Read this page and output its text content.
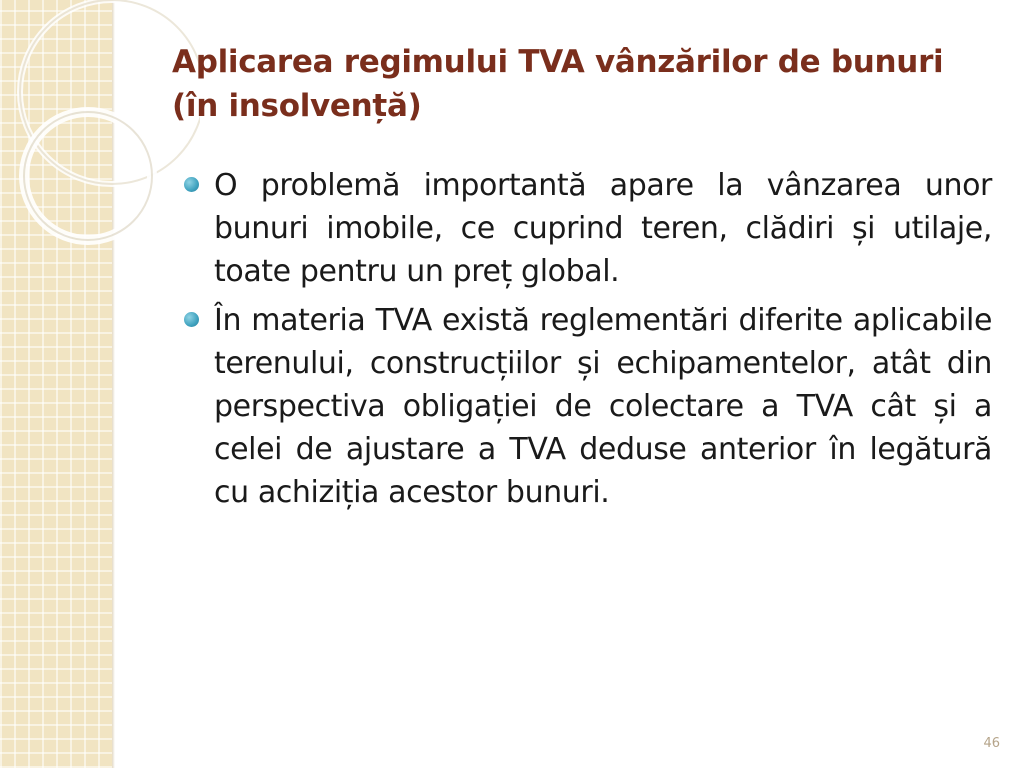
Aplicarea regimului TVA vânzărilor de bunuri (în insolvență)
O problemă importantă apare la vânzarea unor bunuri imobile, ce cuprind teren, clădiri și utilaje, toate pentru un preț global.
În materia TVA există reglementări diferite aplicabile terenului, construcțiilor și echipamentelor, atât din perspectiva obligației de colectare a TVA cât și a celei de ajustare a TVA deduse anterior în legătură cu achiziția acestor bunuri.
46
